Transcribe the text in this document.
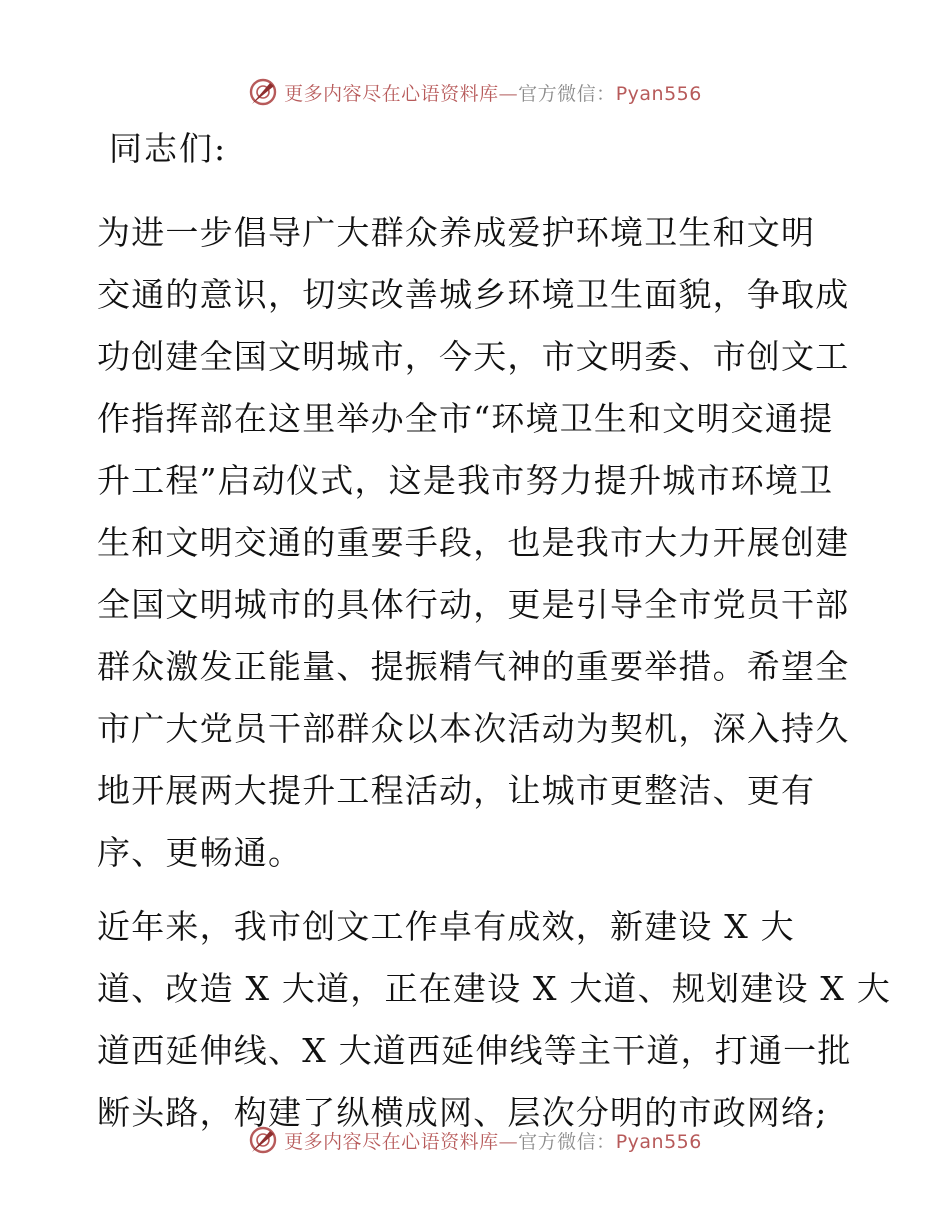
更多内容尽在心语资料库—官方微信：Pyan556
同志们:
为进一步倡导广大群众养成爱护环境卫生和文明
交通的意识，切实改善城乡环境卫生面貌，争取成
功创建全国文明城市，今天，市文明委、市创文工
作指挥部在这里举办全市“环境卫生和文明交通提
升工程”启动仪式，这是我市努力提升城市环境卫
生和文明交通的重要手段，也是我市大力开展创建
全国文明城市的具体行动，更是引导全市党员干部
群众激发正能量、提振精气神的重要举措。希望全
市广大党员干部群众以本次活动为契机，深入持久
地开展两大提升工程活动，让城市更整洁、更有
序、更畅通。
近年来，我市创文工作卓有成效，新建设 X 大
道、改造 X 大道，正在建设 X 大道、规划建设 X 大
道西延伸线、X 大道西延伸线等主干道，打通一批
断头路，构建了纵横成网、层次分明的市政网络;
更多内容尽在心语资料库—官方微信：Pyan556
